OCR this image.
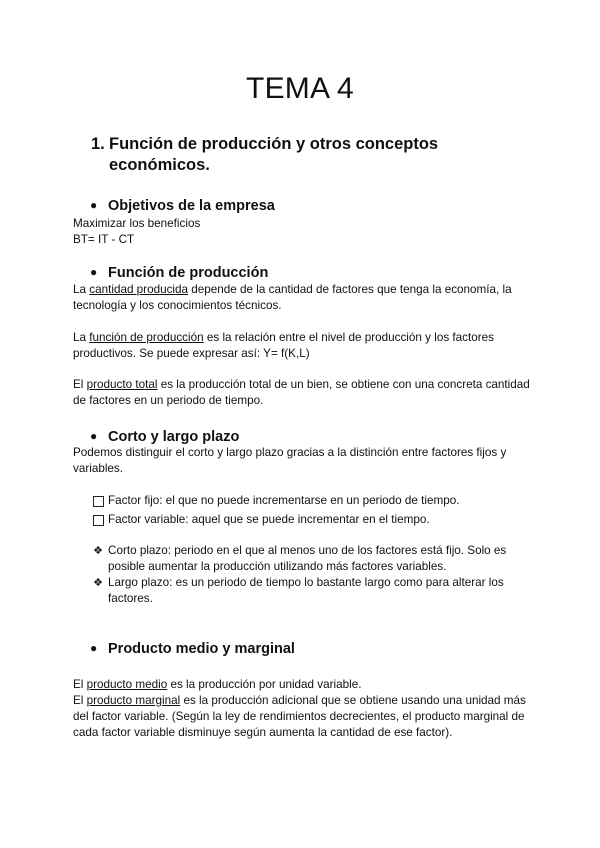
TEMA 4
1. Función de producción y otros conceptos económicos.
● Objetivos de la empresa

Maximizar los beneficios

BT= IT - CT

● Función de producción

La cantidad producida depende de la cantidad de factores que tenga la economía, la tecnología y los conocimientos técnicos.

La función de producción es la relación entre el nivel de producción y los factores productivos. Se puede expresar así: Y= f(K,L)

El producto total es la producción total de un bien, se obtiene con una concreta cantidad de factores en un periodo de tiempo.

● Corto y largo plazo

Podemos distinguir el corto y largo plazo gracias a la distinción entre factores fijos y variables.

Factor fijo: el que no puede incrementarse en un periodo de tiempo.
Factor variable: aquel que se puede incrementar en el tiempo.
❖ Corto plazo: periodo en el que al menos uno de los factores está fijo. Solo es posible aumentar la producción utilizando más factores variables.
❖ Largo plazo: es un periodo de tiempo lo bastante largo como para alterar los factores.
● Producto medio y marginal

El producto medio es la producción por unidad variable.

El producto marginal es la producción adicional que se obtiene usando una unidad más del factor variable. (Según la ley de rendimientos decrecientes, el producto marginal de cada factor variable disminuye según aumenta la cantidad de ese factor).
